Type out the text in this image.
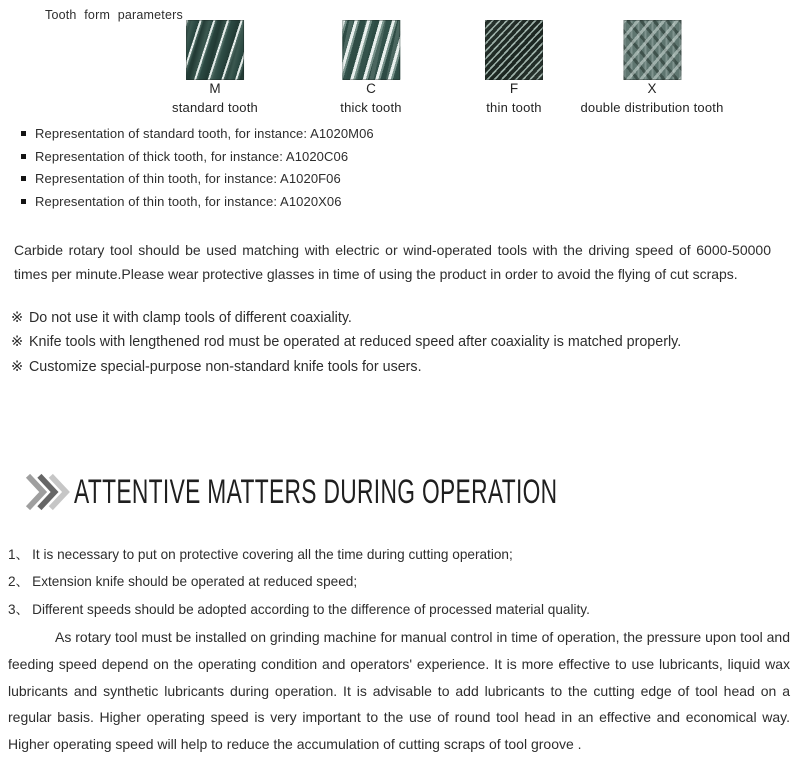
Tooth form parameters
M
standard tooth
C
thick tooth
F
thin tooth
X
double distribution tooth
Representation of standard tooth, for instance: A1020M06
Representation of thick tooth, for instance: A1020C06
Representation of thin tooth, for instance: A1020F06
Representation of thin tooth, for instance: A1020X06

Carbide rotary tool should be used matching with electric or wind-operated tools with the driving speed of 6000-50000 times per minute.Please wear protective glasses in time of using the product in order to avoid the flying of cut scraps.

※ Do not use it with clamp tools of different coaxiality.
※ Knife tools with lengthened rod must be operated at reduced speed after coaxiality is matched properly.
※ Customize special-purpose non-standard knife tools for users.
ATTENTIVE MATTERS DURING OPERATION
1、 It is necessary to put on protective covering all the time during cutting operation;
2、 Extension knife should be operated at reduced speed;
3、 Different speeds should be adopted according to the difference of processed material quality.

As rotary tool must be installed on grinding machine for manual control in time of operation, the pressure upon tool and feeding speed depend on the operating condition and operators' experience. It is more effective to use lubricants, liquid wax lubricants and synthetic lubricants during operation. It is advisable to add lubricants to the cutting edge of tool head on a regular basis. Higher operating speed is very important to the use of round tool head in an effective and economical way. Higher operating speed will help to reduce the accumulation of cutting scraps of tool groove .
